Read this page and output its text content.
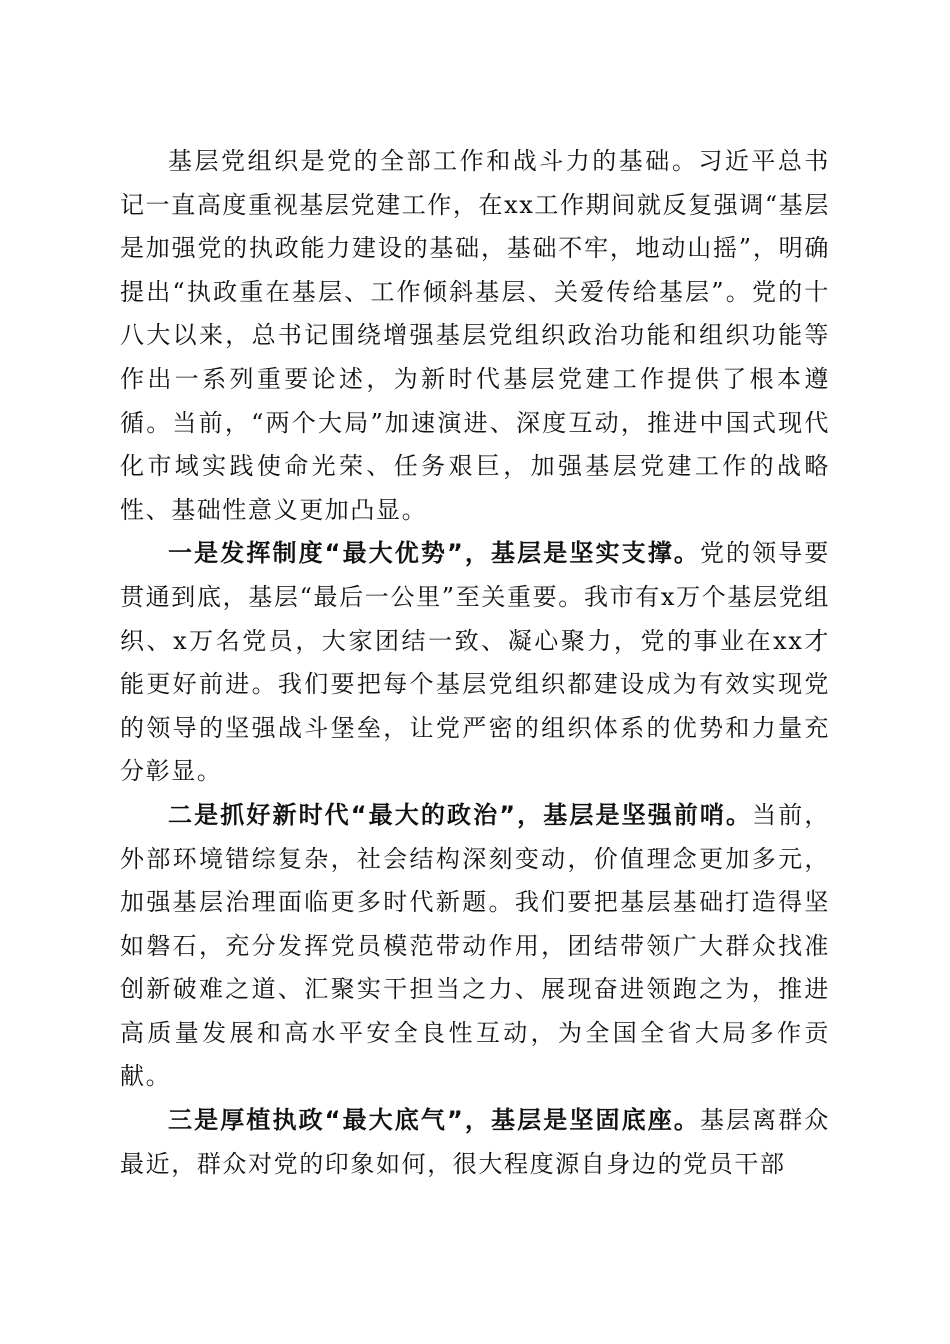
基层党组织是党的全部工作和战斗力的基础。习近平总书记一直高度重视基层党建工作，在xx工作期间就反复强调“基层是加强党的执政能力建设的基础，基础不牢，地动山摇”，明确提出“执政重在基层、工作倾斜基层、关爱传给基层”。党的十八大以来，总书记围绕增强基层党组织政治功能和组织功能等作出一系列重要论述，为新时代基层党建工作提供了根本遵循。当前，“两个大局”加速演进、深度互动，推进中国式现代化市域实践使命光荣、任务艰巨，加强基层党建工作的战略性、基础性意义更加凸显。

一是发挥制度“最大优势”，基层是坚实支撑。党的领导要贯通到底，基层“最后一公里”至关重要。我市有x万个基层党组织、x万名党员，大家团结一致、凝心聚力，党的事业在xx才能更好前进。我们要把每个基层党组织都建设成为有效实现党的领导的坚强战斗堡垒，让党严密的组织体系的优势和力量充分彰显。

二是抓好新时代“最大的政治”，基层是坚强前哨。当前，外部环境错综复杂，社会结构深刻变动，价值理念更加多元，加强基层治理面临更多时代新题。我们要把基层基础打造得坚如磐石，充分发挥党员模范带动作用，团结带领广大群众找准创新破难之道、汇聚实干担当之力、展现奋进领跑之为，推进高质量发展和高水平安全良性互动，为全国全省大局多作贡献。

三是厚植执政“最大底气”，基层是坚固底座。基层离群众最近，群众对党的印象如何，很大程度源自身边的党员干部
